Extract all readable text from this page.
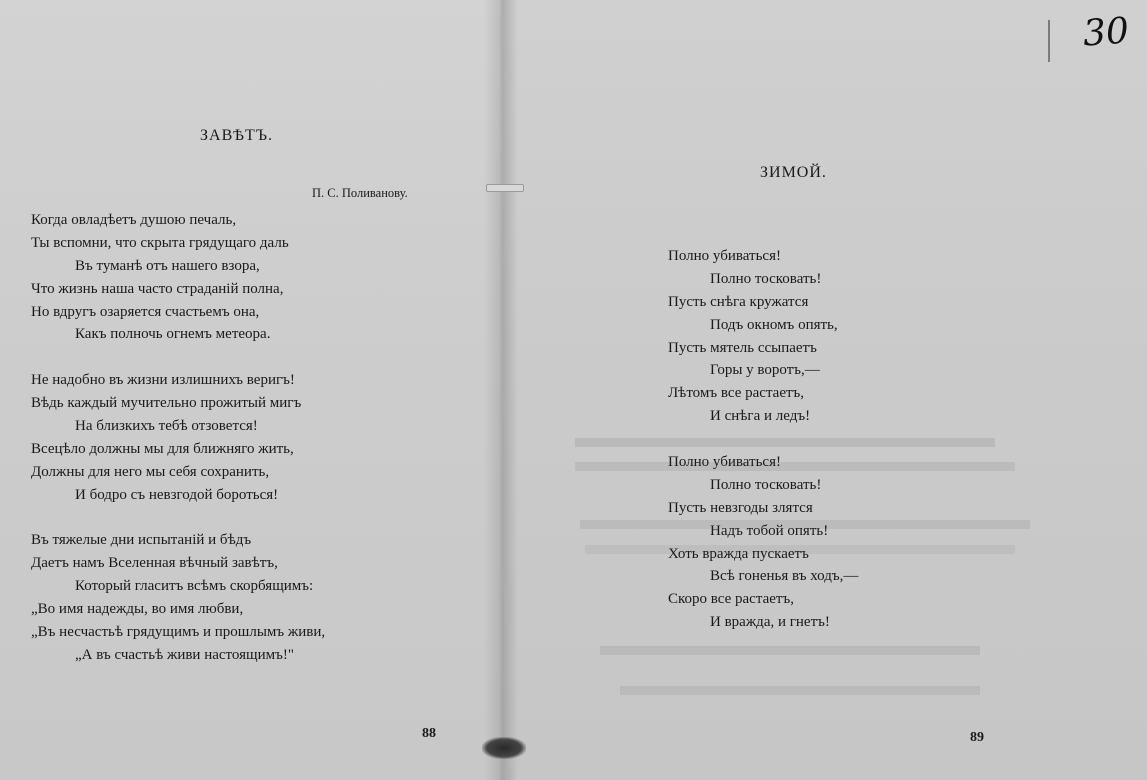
ЗАВѢТЪ.
П. С. Поливанову.
Когда овладѣетъ душою печаль,
Ты вспомни, что скрыта грядущаго даль
Въ туманѣ отъ нашего взора,
Что жизнь наша часто страданій полна,
Но вдругъ озаряется счастьемъ она,
Какъ полночь огнемъ метеора.
Не надобно въ жизни излишнихъ веригъ!
Вѣдь каждый мучительно прожитый мигъ
На близкихъ тебѣ отзовется!
Всецѣло должны мы для ближняго жить,
Должны для него мы себя сохранить,
И бодро съ невзгодой бороться!
Въ тяжелые дни испытаній и бѣдъ
Даетъ намъ Вселенная вѣчный завѣтъ,
Который гласитъ всѣмъ скорбящимъ:
„Во имя надежды, во имя любви,
„Въ несчастьѣ грядущимъ и прошлымъ живи,
„А въ счастьѣ живи настоящимъ!"
88
30
ЗИМОЙ.
Полно убиваться!
Полно тосковать!
Пусть снѣга кружатся
Подъ окномъ опять,
Пусть мятель ссыпаетъ
Горы у воротъ,—
Лѣтомъ все растаетъ,
И снѣга и ледъ!
Полно убиваться!
Полно тосковать!
Пусть невзгоды злятся
Надъ тобой опять!
Хоть вражда пускаетъ
Всѣ гоненья въ ходъ,—
Скоро все растаетъ,
И вражда, и гнетъ!
89
